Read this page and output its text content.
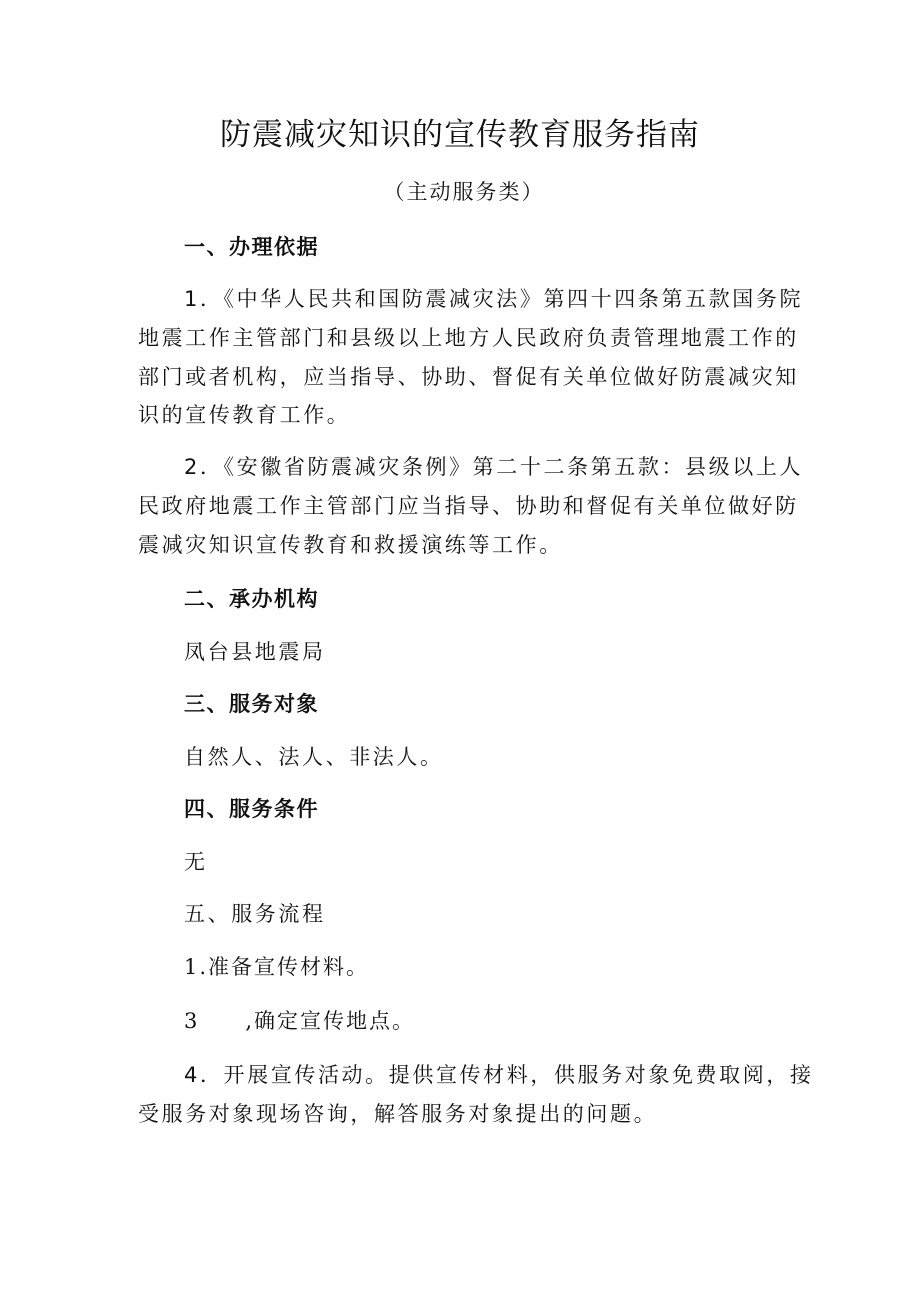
防震减灾知识的宣传教育服务指南

（主动服务类）

一、办理依据

1．《中华人民共和国防震减灾法》第四十四条第五款国务院

地震工作主管部门和县级以上地方人民政府负责管理地震工作的

部门或者机构，应当指导、协助、督促有关单位做好防震减灾知

识的宣传教育工作。

2．《安徽省防震减灾条例》第二十二条第五款：县级以上人

民政府地震工作主管部门应当指导、协助和督促有关单位做好防

震减灾知识宣传教育和救援演练等工作。

二、承办机构

凤台县地震局

三、服务对象

自然人、法人、非法人。

四、服务条件

无

五、服务流程

1.准备宣传材料。

3　　,确定宣传地点。

4．开展宣传活动。提供宣传材料，供服务对象免费取阅，接

受服务对象现场咨询，解答服务对象提出的问题。
